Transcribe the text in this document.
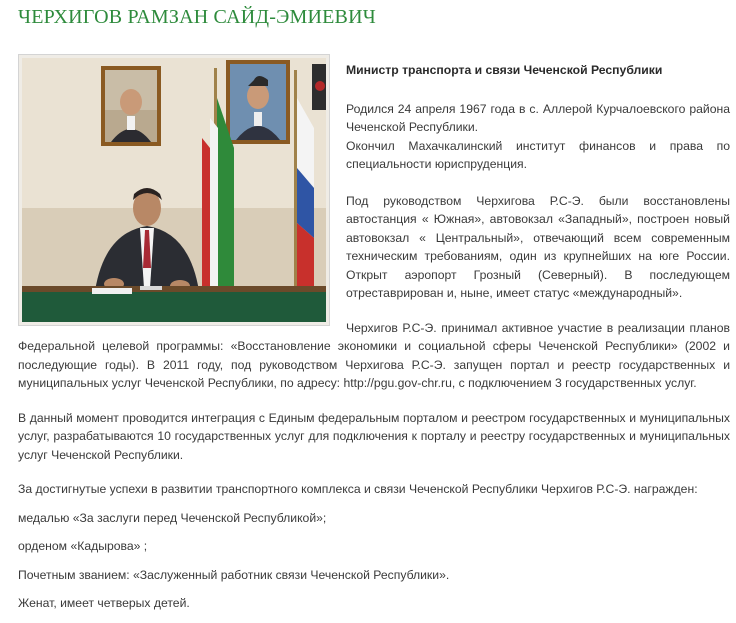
ЧЕРХИГОВ РАМЗАН САЙД-ЭМИЕВИЧ
Министр транспорта и связи Чеченской Республики

Родился 24 апреля 1967 года в с. Аллерой Курчалоевского района Чеченской Республики.
Окончил Махачкалинский институт финансов и права по специальности юриспруденция.

Под руководством Черхигова Р.С-Э. были восстановлены автостанция « Южная», автовокзал «Западный», построен новый автовокзал « Центральный», отвечающий всем современным техническим требованиям, один из крупнейших на юге России. Открыт аэропорт Грозный (Северный). В последующем отреставрирован и, ныне, имеет статус «международный».

Черхигов Р.С-Э. принимал активное участие в реализации планов Федеральной целевой программы: «Восстановление экономики и социальной сферы Чеченской Республики» (2002 и последующие годы). В 2011 году, под руководством Черхигова Р.С-Э. запущен портал и реестр государственных и муниципальных услуг Чеченской Республики, по адресу: http://pgu.gov-chr.ru, с подключением 3 государственных услуг.

В данный момент проводится интеграция с Единым федеральным порталом и реестром государственных и муниципальных услуг, разрабатываются 10 государственных услуг для подключения к порталу и реестру государственных и муниципальных услуг Чеченской Республики.

За достигнутые успехи в развитии транспортного комплекса и связи Чеченской Республики Черхигов Р.С-Э. награжден:

медалью «За заслуги перед Чеченской Республикой»;

орденом «Кадырова» ;

Почетным званием: «Заслуженный работник связи Чеченской Республики».

Женат, имеет четверых детей.
